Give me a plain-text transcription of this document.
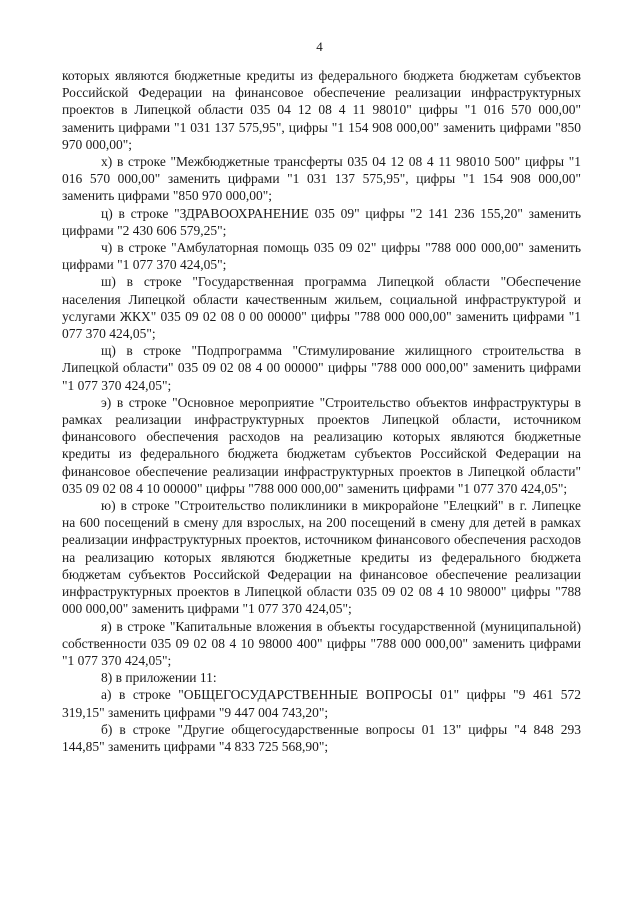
4

которых являются бюджетные кредиты из федерального бюджета бюджетам субъектов Российской Федерации на финансовое обеспечение реализации инфраструктурных проектов в Липецкой области 035 04 12 08 4 11 98010" цифры "1 016 570 000,00" заменить цифрами "1 031 137 575,95", цифры "1 154 908 000,00" заменить цифрами "850 970 000,00";

х) в строке "Межбюджетные трансферты 035 04 12 08 4 11 98010 500" цифры "1 016 570 000,00" заменить цифрами "1 031 137 575,95", цифры "1 154 908 000,00" заменить цифрами "850 970 000,00";

ц) в строке "ЗДРАВООХРАНЕНИЕ 035 09" цифры "2 141 236 155,20" заменить цифрами "2 430 606 579,25";

ч) в строке "Амбулаторная помощь 035 09 02" цифры "788 000 000,00" заменить цифрами "1 077 370 424,05";

ш) в строке "Государственная программа Липецкой области "Обеспечение населения Липецкой области качественным жильем, социальной инфраструктурой и услугами ЖКХ" 035 09 02 08 0 00 00000" цифры "788 000 000,00" заменить цифрами "1 077 370 424,05";

щ) в строке "Подпрограмма "Стимулирование жилищного строительства в Липецкой области" 035 09 02 08 4 00 00000" цифры "788 000 000,00" заменить цифрами "1 077 370 424,05";

э) в строке "Основное мероприятие "Строительство объектов инфраструктуры в рамках реализации инфраструктурных проектов Липецкой области, источником финансового обеспечения расходов на реализацию которых являются бюджетные кредиты из федерального бюджета бюджетам субъектов Российской Федерации на финансовое обеспечение реализации инфраструктурных проектов в Липецкой области" 035 09 02 08 4 10 00000" цифры "788 000 000,00" заменить цифрами "1 077 370 424,05";

ю) в строке "Строительство поликлиники в микрорайоне "Елецкий" в г. Липецке на 600 посещений в смену для взрослых, на 200 посещений в смену для детей в рамках реализации инфраструктурных проектов, источником финансового обеспечения расходов на реализацию которых являются бюджетные кредиты из федерального бюджета бюджетам субъектов Российской Федерации на финансовое обеспечение реализации инфраструктурных проектов в Липецкой области 035 09 02 08 4 10 98000" цифры "788 000 000,00" заменить цифрами "1 077 370 424,05";

я) в строке "Капитальные вложения в объекты государственной (муниципальной) собственности 035 09 02 08 4 10 98000 400" цифры "788 000 000,00" заменить цифрами "1 077 370 424,05";

8) в приложении 11:

а) в строке "ОБЩЕГОСУДАРСТВЕННЫЕ ВОПРОСЫ 01" цифры "9 461 572 319,15" заменить цифрами "9 447 004 743,20";

б) в строке "Другие общегосударственные вопросы 01 13" цифры "4 848 293 144,85" заменить цифрами "4 833 725 568,90";
